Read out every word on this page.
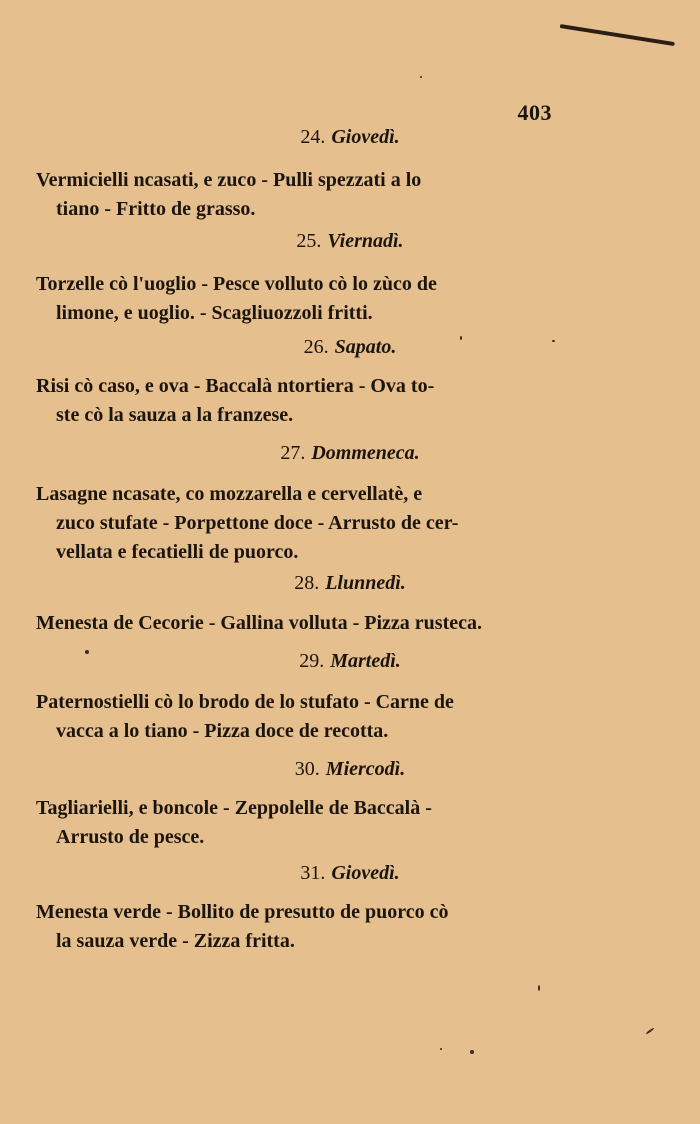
403
24. Giovedì.
Vermicielli ncasati, e zuco - Pulli spezzati a lo
tiano - Fritto de grasso.
25. Viernadì.
Torzelle cò l'uoglio - Pesce volluto cò lo zùco de
limone, e uoglio. - Scagliuozzoli fritti.
26. Sapato.
Risi cò caso, e ova - Baccalà ntortiera - Ova to-
ste cò la sauza a la franzese.
27. Dommeneca.
Lasagne ncasate, co mozzarella e cervellatè, e
zuco stufate - Porpettone doce - Arrusto de cer-
vellata e fecatielli de puorco.
28. Llunnedì.
Menesta de Cecorie - Gallina volluta - Pizza rusteca.
29. Martedì.
Paternostielli cò lo brodo de lo stufato - Carne de
vacca a lo tiano - Pizza doce de recotta.
30. Miercodì.
Tagliarielli, e boncole - Zeppolelle de Baccalà -
Arrusto de pesce.
31. Giovedì.
Menesta verde - Bollito de presutto de puorco cò
la sauza verde - Zizza fritta.
